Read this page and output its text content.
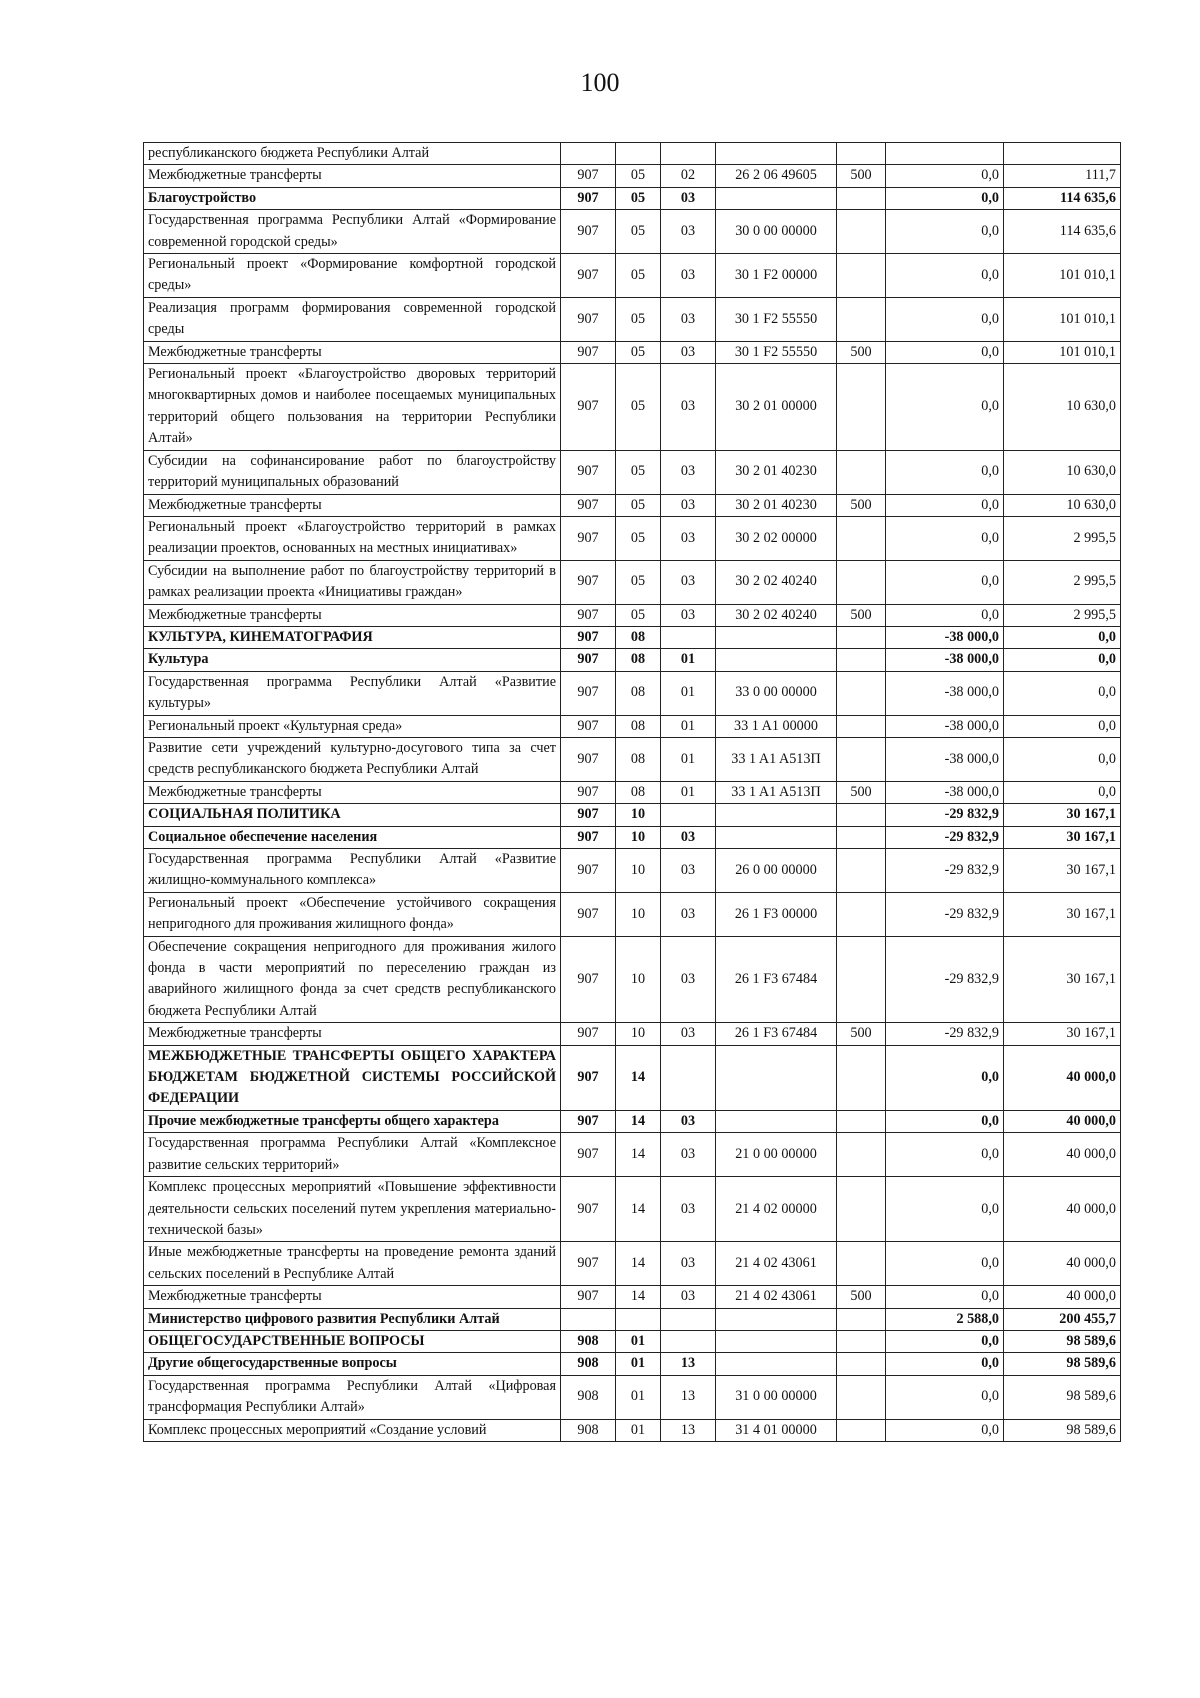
100
республиканского бюджета Республики Алтай							
Межбюджетные трансферты	907	05	02	26 2 06 49605	500	0,0	111,7
Благоустройство	907	05	03			0,0	114 635,6
Государственная программа Республики Алтай «Формирование современной городской среды»	907	05	03	30 0 00 00000		0,0	114 635,6
Региональный проект «Формирование комфортной городской среды»	907	05	03	30 1 F2 00000		0,0	101 010,1
Реализация программ формирования современной городской среды	907	05	03	30 1 F2 55550		0,0	101 010,1
Межбюджетные трансферты	907	05	03	30 1 F2 55550	500	0,0	101 010,1
Региональный проект «Благоустройство дворовых территорий многоквартирных домов и наиболее посещаемых муниципальных территорий общего пользования на территории Республики Алтай»	907	05	03	30 2 01 00000		0,0	10 630,0
Субсидии на софинансирование работ по благоустройству территорий муниципальных образований	907	05	03	30 2 01 40230		0,0	10 630,0
Межбюджетные трансферты	907	05	03	30 2 01 40230	500	0,0	10 630,0
Региональный проект «Благоустройство территорий в рамках реализации проектов, основанных на местных инициативах»	907	05	03	30 2 02 00000		0,0	2 995,5
Субсидии на выполнение работ по благоустройству территорий в рамках реализации проекта «Инициативы граждан»	907	05	03	30 2 02 40240		0,0	2 995,5
Межбюджетные трансферты	907	05	03	30 2 02 40240	500	0,0	2 995,5
КУЛЬТУРА, КИНЕМАТОГРАФИЯ	907	08				-38 000,0	0,0
Культура	907	08	01			-38 000,0	0,0
Государственная программа Республики Алтай «Развитие культуры»	907	08	01	33 0 00 00000		-38 000,0	0,0
Региональный проект «Культурная среда»	907	08	01	33 1 A1 00000		-38 000,0	0,0
Развитие сети учреждений культурно-досугового типа за счет средств республиканского бюджета Республики Алтай	907	08	01	33 1 A1 A513П		-38 000,0	0,0
Межбюджетные трансферты	907	08	01	33 1 A1 A513П	500	-38 000,0	0,0
СОЦИАЛЬНАЯ ПОЛИТИКА	907	10				-29 832,9	30 167,1
Социальное обеспечение населения	907	10	03			-29 832,9	30 167,1
Государственная программа Республики Алтай «Развитие жилищно-коммунального комплекса»	907	10	03	26 0 00 00000		-29 832,9	30 167,1
Региональный проект «Обеспечение устойчивого сокращения непригодного для проживания жилищного фонда»	907	10	03	26 1 F3 00000		-29 832,9	30 167,1
Обеспечение сокращения непригодного для проживания жилого фонда в части мероприятий по переселению граждан из аварийного жилищного фонда за счет средств республиканского бюджета Республики Алтай	907	10	03	26 1 F3 67484		-29 832,9	30 167,1
Межбюджетные трансферты	907	10	03	26 1 F3 67484	500	-29 832,9	30 167,1
МЕЖБЮДЖЕТНЫЕ ТРАНСФЕРТЫ ОБЩЕГО ХАРАКТЕРА БЮДЖЕТАМ БЮДЖЕТНОЙ СИСТЕМЫ РОССИЙСКОЙ ФЕДЕРАЦИИ	907	14				0,0	40 000,0
Прочие межбюджетные трансферты общего характера	907	14	03			0,0	40 000,0
Государственная программа Республики Алтай «Комплексное развитие сельских территорий»	907	14	03	21 0 00 00000		0,0	40 000,0
Комплекс процессных мероприятий «Повышение эффективности деятельности сельских поселений путем укрепления материально-технической базы»	907	14	03	21 4 02 00000		0,0	40 000,0
Иные межбюджетные трансферты на проведение ремонта зданий сельских поселений в Республике Алтай	907	14	03	21 4 02 43061		0,0	40 000,0
Межбюджетные трансферты	907	14	03	21 4 02 43061	500	0,0	40 000,0
Министерство цифрового развития Республики Алтай						2 588,0	200 455,7
ОБЩЕГОСУДАРСТВЕННЫЕ ВОПРОСЫ	908	01				0,0	98 589,6
Другие общегосударственные вопросы	908	01	13			0,0	98 589,6
Государственная программа Республики Алтай «Цифровая трансформация Республики Алтай»	908	01	13	31 0 00 00000		0,0	98 589,6
Комплекс процессных мероприятий «Создание условий	908	01	13	31 4 01 00000		0,0	98 589,6
